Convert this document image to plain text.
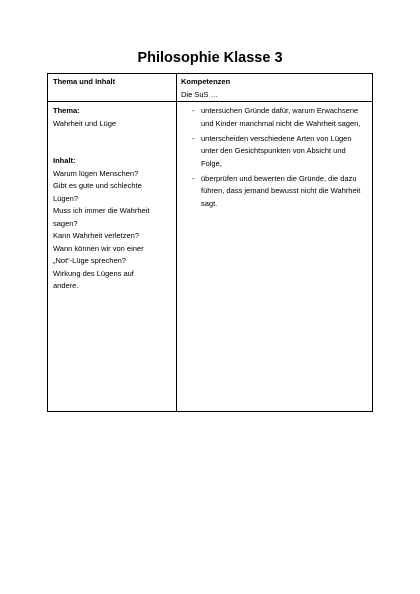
Philosophie Klasse 3
Thema und Inhalt	Kompetenzen
Die SuS …
Thema:
Wahrheit und Lüge
Inhalt:
Warum lügen Menschen?
Gibt es gute und schlechte
Lügen?
Muss ich immer die Wahrheit
sagen?
Kann Wahrheit verletzen?
Wann können wir von einer
„Not“-Lüge sprechen?
Wirkung des Lügens auf
andere.
- untersuchen Gründe dafür, warum Erwachsene
und Kinder manchmal nicht die Wahrheit sagen,
- unterscheiden verschiedene Arten von Lügen
unter den Gesichtspunkten von Absicht und
Folge,
- überprüfen und bewerten die Gründe, die dazu
führen, dass jemand bewusst nicht die Wahrheit
sagt.
